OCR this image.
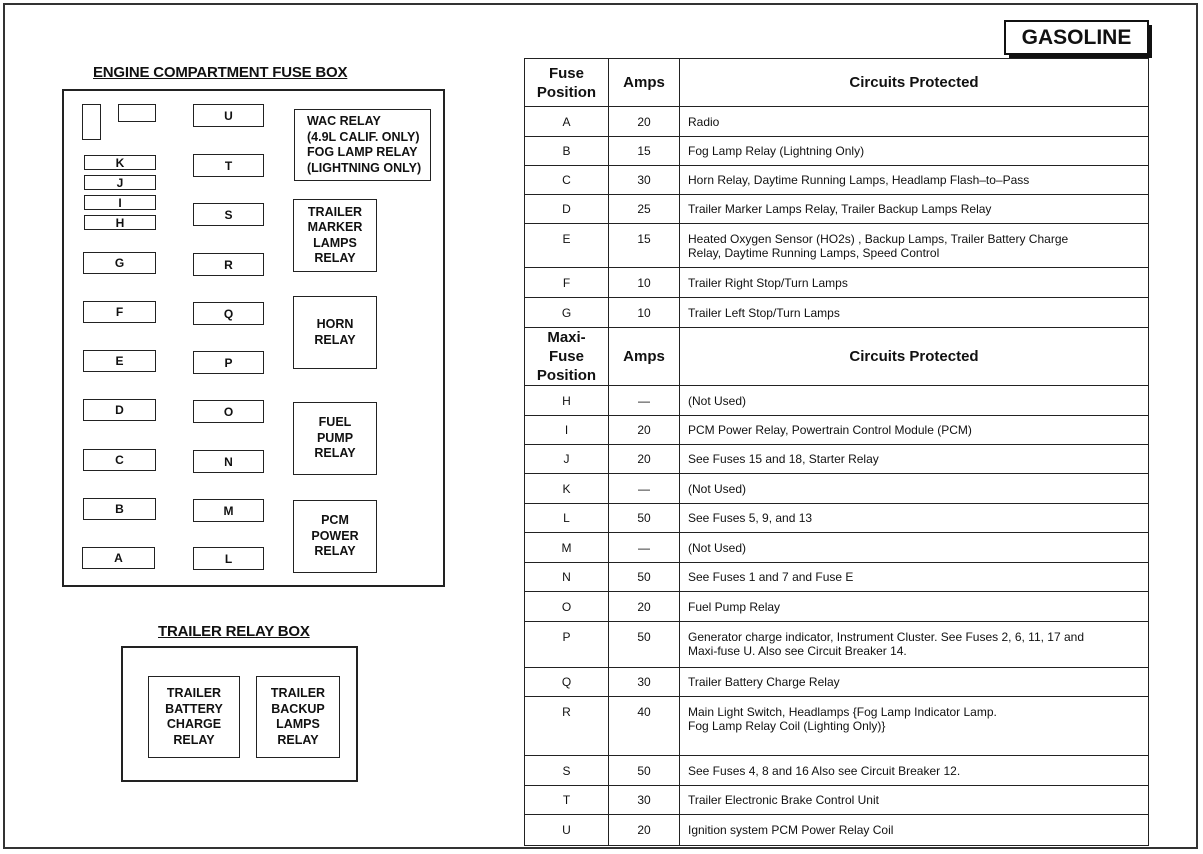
ENGINE COMPARTMENT FUSE BOX
K
J
I
H
G
F
E
D
C
B
A
U
T
S
R
Q
P
O
N
M
L
WAC RELAY
(4.9L CALIF. ONLY)
FOG LAMP RELAY
(LIGHTNING ONLY)
TRAILER
MARKER
LAMPS
RELAY
HORN
RELAY
FUEL
PUMP
RELAY
PCM
POWER
RELAY
TRAILER RELAY BOX
TRAILER
BATTERY
CHARGE
RELAY
TRAILER
BACKUP
LAMPS
RELAY
GASOLINE
Fuse
Position	Amps	Circuits Protected
A	20	Radio
B	15	Fog Lamp Relay (Lightning Only)
C	30	Horn Relay, Daytime Running Lamps, Headlamp Flash–to–Pass
D	25	Trailer Marker Lamps Relay, Trailer Backup Lamps Relay
E	15	Heated Oxygen Sensor (HO2s) , Backup Lamps, Trailer Battery Charge
Relay, Daytime Running Lamps, Speed Control
F	10	Trailer Right Stop/Turn Lamps
G	10	Trailer Left Stop/Turn Lamps
Maxi-Fuse
Position	Amps	Circuits Protected
H	—	(Not Used)
I	20	PCM Power Relay, Powertrain Control Module (PCM)
J	20	See Fuses 15 and 18, Starter Relay
K	—	(Not Used)
L	50	See Fuses 5, 9, and 13
M	—	(Not Used)
N	50	See Fuses 1 and 7 and Fuse E
O	20	Fuel Pump Relay
P	50	Generator charge indicator, Instrument Cluster. See Fuses 2, 6, 11, 17 and
Maxi-fuse U. Also see Circuit Breaker 14.
Q	30	Trailer Battery Charge Relay
R	40	Main Light Switch, Headlamps {Fog Lamp Indicator Lamp.
Fog Lamp Relay Coil (Lighting Only)}
S	50	See Fuses 4, 8 and 16 Also see Circuit Breaker 12.
T	30	Trailer Electronic Brake Control Unit
U	20	Ignition system PCM Power Relay Coil
